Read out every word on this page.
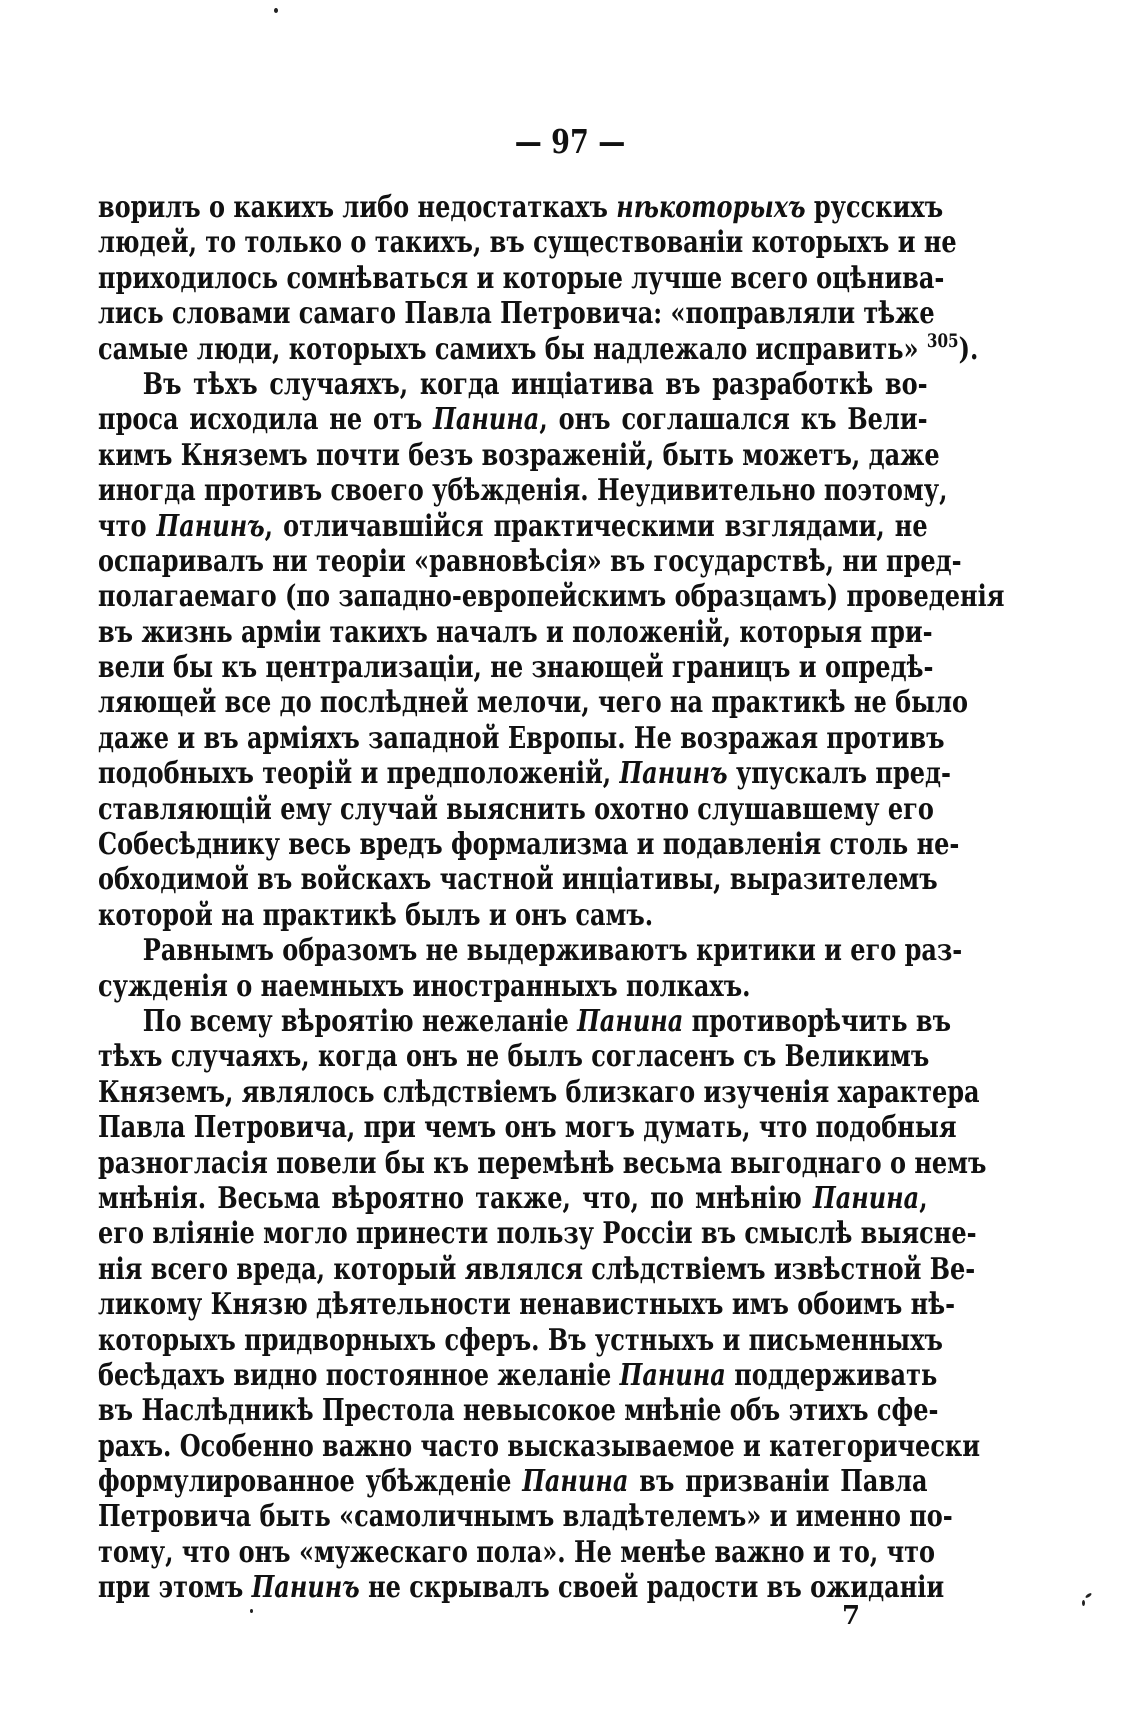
— 97 —
ворилъ о какихъ либо недостаткахъ нѣкоторыхъ русскихъ
людей, то только о такихъ, въ существованіи которыхъ и не
приходилось сомнѣваться и которые лучше всего оцѣнива-
лись словами самаго Павла Петровича: «поправляли тѣже
самые люди, которыхъ самихъ бы надлежало исправить» $^{305}$).
Въ тѣхъ случаяхъ, когда инціатива въ разработкѣ во-
проса исходила не отъ Панина, онъ соглашался къ Вели-
кимъ Княземъ почти безъ возраженій, быть можетъ, даже
иногда противъ своего убѣжденія. Неудивительно поэтому,
что Панинъ, отличавшійся практическими взглядами, не
оспаривалъ ни теоріи «равновѣсія» въ государствѣ, ни пред-
полагаемаго (по западно-европейскимъ образцамъ) проведенія
въ жизнь арміи такихъ началъ и положеній, которыя при-
вели бы къ централизаціи, не знающей границъ и опредѣ-
ляющей все до послѣдней мелочи, чего на практикѣ не было
даже и въ арміяхъ западной Европы. Не возражая противъ
подобныхъ теорій и предположеній, Панинъ упускалъ пред-
ставляющій ему случай выяснить охотно слушавшему его
Собесѣднику весь вредъ формализма и подавленія столь не-
обходимой въ войскахъ частной инціативы, выразителемъ
которой на практикѣ былъ и онъ самъ.
Равнымъ образомъ не выдерживаютъ критики и его раз-
сужденія о наемныхъ иностранныхъ полкахъ.
По всему вѣроятію нежеланіе Панина противорѣчить въ
тѣхъ случаяхъ, когда онъ не былъ согласенъ съ Великимъ
Княземъ, являлось слѣдствіемъ близкаго изученія характера
Павла Петровича, при чемъ онъ могъ думать, что подобныя
разногласія повели бы къ перемѣнѣ весьма выгоднаго о немъ
мнѣнія. Весьма вѣроятно также, что, по мнѣнію Панина,
его вліяніе могло принести пользу Россіи въ смыслѣ выясне-
нія всего вреда, который являлся слѣдствіемъ извѣстной Ве-
ликому Князю дѣятельности ненавистныхъ имъ обоимъ нѣ-
которыхъ придворныхъ сферъ. Въ устныхъ и письменныхъ
бесѣдахъ видно постоянное желаніе Панина поддерживать
въ Наслѣдникѣ Престола невысокое мнѣніе объ этихъ сфе-
рахъ. Особенно важно часто высказываемое и категорически
формулированное убѣжденіе Панина въ призваніи Павла
Петровича быть «самоличнымъ владѣтелемъ» и именно по-
тому, что онъ «мужескаго пола». Не менѣе важно и то, что
при этомъ Панинъ не скрывалъ своей радости въ ожиданіи
7
